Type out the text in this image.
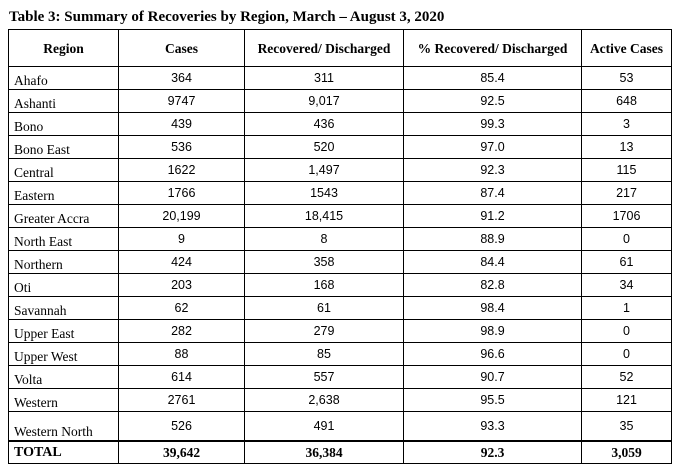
Table 3: Summary of Recoveries by Region, March – August 3, 2020
Region	Cases	Recovered/ Discharged	% Recovered/ Discharged	Active Cases
Ahafo	364	311	85.4	53
Ashanti	9747	9,017	92.5	648
Bono	439	436	99.3	3
Bono East	536	520	97.0	13
Central	1622	1,497	92.3	115
Eastern	1766	1543	87.4	217
Greater Accra	20,199	18,415	91.2	1706
North East	9	8	88.9	0
Northern	424	358	84.4	61
Oti	203	168	82.8	34
Savannah	62	61	98.4	1
Upper East	282	279	98.9	0
Upper West	88	85	96.6	0
Volta	614	557	90.7	52
Western	2761	2,638	95.5	121
Western North	526	491	93.3	35
TOTAL	39,642	36,384	92.3	3,059
